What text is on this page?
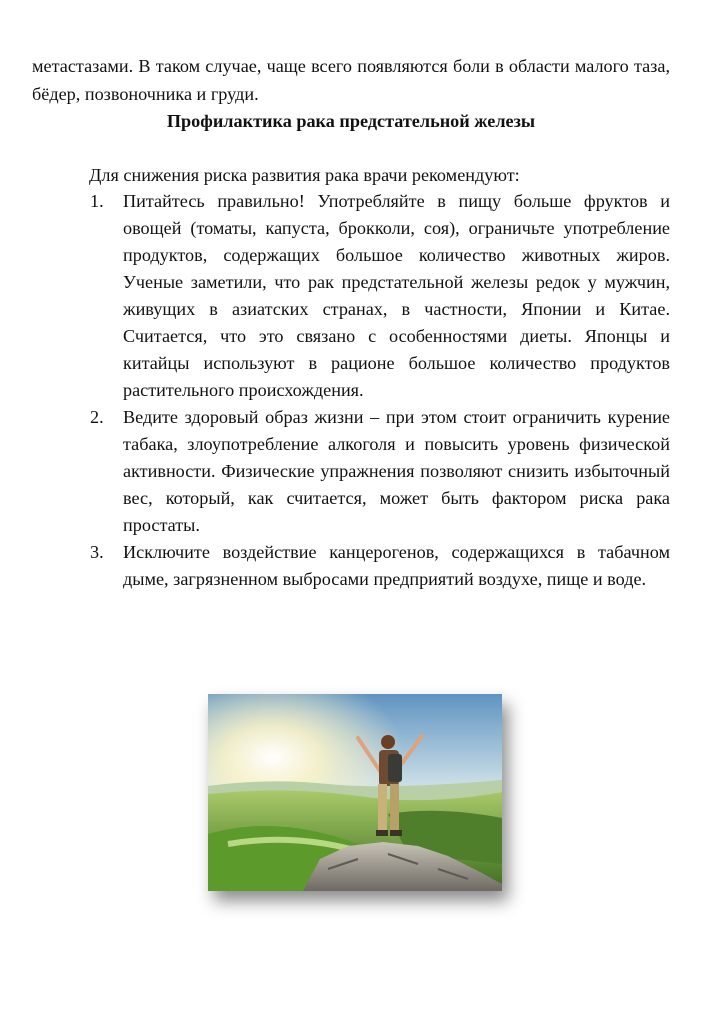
метастазами. В таком случае, чаще всего появляются боли в области малого таза, бёдер, позвоночника и груди.

Профилактика рака предстательной железы

Для снижения риска развития рака врачи рекомендуют:

1.	Питайтесь правильно! Употребляйте в пищу больше фруктов и овощей (томаты, капуста, брокколи, соя), ограничьте употребление продуктов, содержащих большое количество животных жиров. Ученые заметили, что рак предстательной железы редок у мужчин, живущих в азиатских странах, в частности, Японии и Китае. Считается, что это связано с особенностями диеты. Японцы и китайцы используют в рационе большое количество продуктов растительного происхождения.
2.	Ведите здоровый образ жизни – при этом стоит ограничить курение табака, злоупотребление алкоголя и повысить уровень физической активности. Физические упражнения позволяют снизить избыточный вес, который, как считается, может быть фактором риска рака простаты.
3.	Исключите воздействие канцерогенов, содержащихся в табачном дыме, загрязненном выбросами предприятий воздухе, пище и воде.
